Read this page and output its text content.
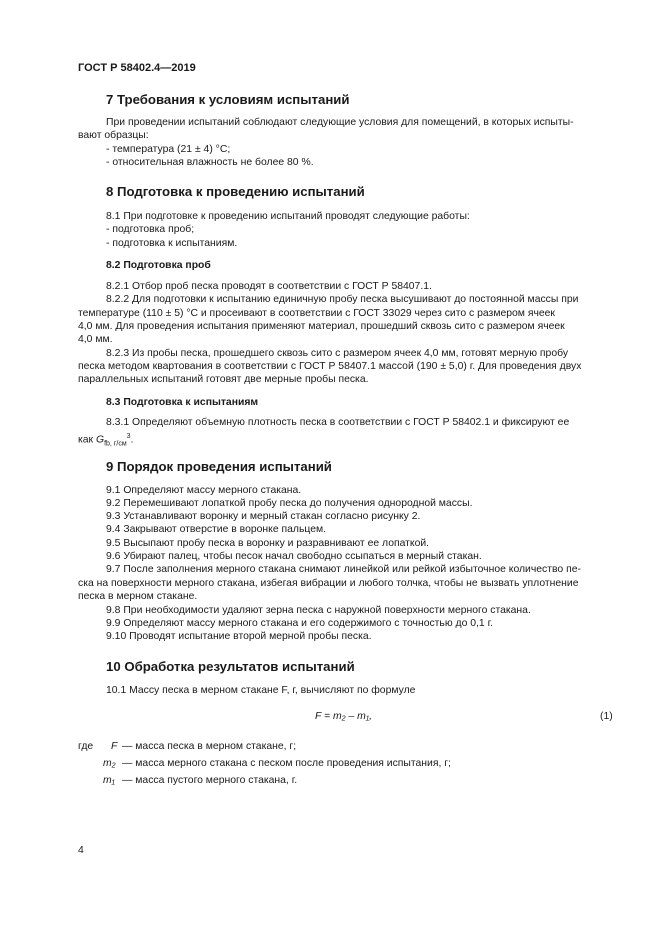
ГОСТ Р 58402.4—2019
7 Требования к условиям испытаний
При проведении испытаний соблюдают следующие условия для помещений, в которых испыты-
вают образцы:
- температура (21 ± 4) °С;
- относительная влажность не более 80 %.
8 Подготовка к проведению испытаний
8.1 При подготовке к проведению испытаний проводят следующие работы:
- подготовка проб;
- подготовка к испытаниям.
8.2 Подготовка проб
8.2.1 Отбор проб песка проводят в соответствии с ГОСТ Р 58407.1.
8.2.2 Для подготовки к испытанию единичную пробу песка высушивают до постоянной массы при
температуре (110 ± 5) °С и просеивают в соответствии с ГОСТ 33029 через сито с размером ячеек
4,0 мм. Для проведения испытания применяют материал, прошедший сквозь сито с размером ячеек
4,0 мм.
8.2.3 Из пробы песка, прошедшего сквозь сито с размером ячеек 4,0 мм, готовят мерную пробу
песка методом квартования в соответствии с ГОСТ Р 58407.1 массой (190 ± 5,0) г. Для проведения двух
параллельных испытаний готовят две мерные пробы песка.
8.3 Подготовка к испытаниям
8.3.1 Определяют объемную плотность песка в соответствии с ГОСТ Р 58402.1 и фиксируют ее
как $G_{fb, г/см}^3$.
9 Порядок проведения испытаний
9.1 Определяют массу мерного стакана.
9.2 Перемешивают лопаткой пробу песка до получения однородной массы.
9.3 Устанавливают воронку и мерный стакан согласно рисунку 2.
9.4 Закрывают отверстие в воронке пальцем.
9.5 Высыпают пробу песка в воронку и разравнивают ее лопаткой.
9.6 Убирают палец, чтобы песок начал свободно ссыпаться в мерный стакан.
9.7 После заполнения мерного стакана снимают линейкой или рейкой избыточное количество пе-
ска на поверхности мерного стакана, избегая вибрации и любого толчка, чтобы не вызвать уплотнение
песка в мерном стакане.
9.8 При необходимости удаляют зерна песка с наружной поверхности мерного стакана.
9.9 Определяют массу мерного стакана и его содержимого с точностью до 0,1 г.
9.10 Проводят испытание второй мерной пробы песка.
10 Обработка результатов испытаний
10.1 Массу песка в мерном стакане F, г, вычисляют по формуле
F = m₂ – m₁,	(1)
где F — масса песка в мерном стакане, г;
m₂ — масса мерного стакана с песком после проведения испытания, г;
m₁ — масса пустого мерного стакана, г.
4
